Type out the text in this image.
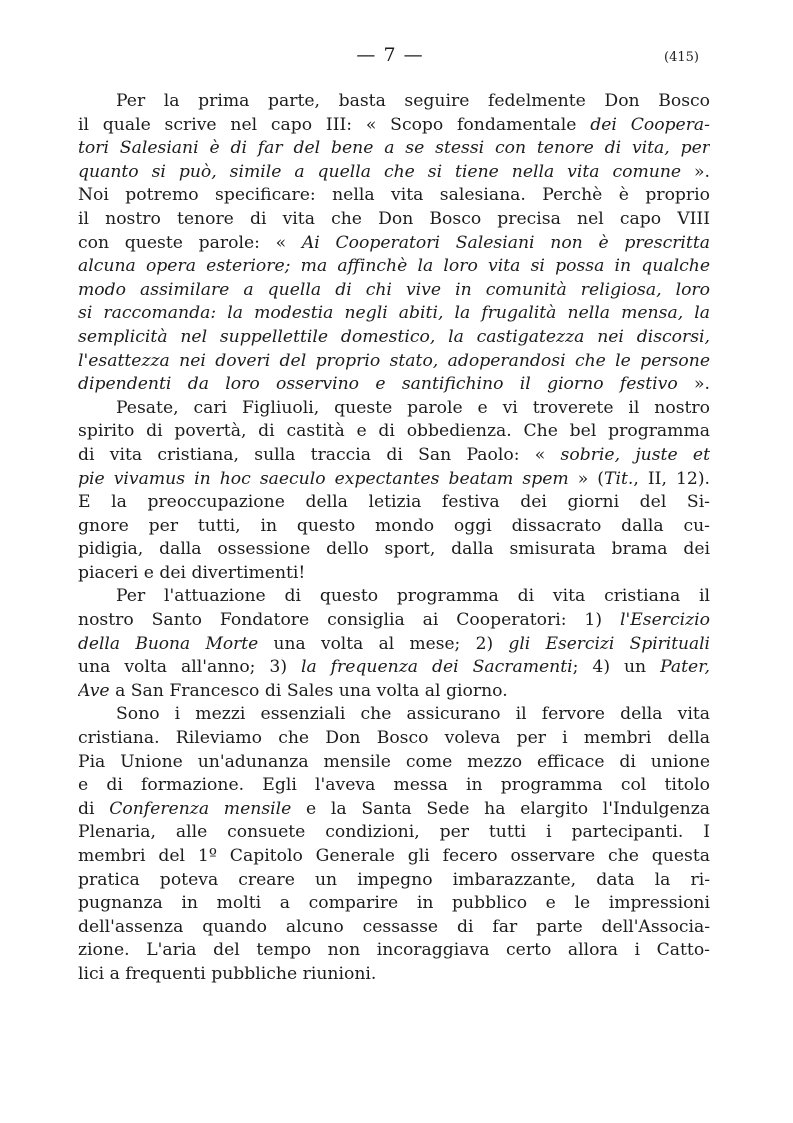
— 7 —	(415)
Per la prima parte, basta seguire fedelmente Don Bosco
il quale scrive nel capo III: « Scopo fondamentale dei Coopera-
tori Salesiani è di far del bene a se stessi con tenore di vita, per
quanto si può, simile a quella che si tiene nella vita comune ».
Noi potremo specificare: nella vita salesiana. Perchè è proprio
il nostro tenore di vita che Don Bosco precisa nel capo VIII
con queste parole: « Ai Cooperatori Salesiani non è prescritta
alcuna opera esteriore; ma affinchè la loro vita si possa in qualche
modo assimilare a quella di chi vive in comunità religiosa, loro
si raccomanda: la modestia negli abiti, la frugalità nella mensa, la
semplicità nel suppellettile domestico, la castigatezza nei discorsi,
l'esattezza nei doveri del proprio stato, adoperandosi che le persone
dipendenti da loro osservino e santifichino il giorno festivo ».
Pesate, cari Figliuoli, queste parole e vi troverete il nostro
spirito di povertà, di castità e di obbedienza. Che bel programma
di vita cristiana, sulla traccia di San Paolo: « sobrie, juste et
pie vivamus in hoc saeculo expectantes beatam spem » (Tit., II, 12).
E la preoccupazione della letizia festiva dei giorni del Si-
gnore per tutti, in questo mondo oggi dissacrato dalla cu-
pidigia, dalla ossessione dello sport, dalla smisurata brama dei
piaceri e dei divertimenti!
Per l'attuazione di questo programma di vita cristiana il
nostro Santo Fondatore consiglia ai Cooperatori: 1) l'Esercizio
della Buona Morte una volta al mese; 2) gli Esercizi Spirituali
una volta all'anno; 3) la frequenza dei Sacramenti; 4) un Pater,
Ave a San Francesco di Sales una volta al giorno.
Sono i mezzi essenziali che assicurano il fervore della vita
cristiana. Rileviamo che Don Bosco voleva per i membri della
Pia Unione un'adunanza mensile come mezzo efficace di unione
e di formazione. Egli l'aveva messa in programma col titolo
di Conferenza mensile e la Santa Sede ha elargito l'Indulgenza
Plenaria, alle consuete condizioni, per tutti i partecipanti. I
membri del 1º Capitolo Generale gli fecero osservare che questa
pratica poteva creare un impegno imbarazzante, data la ri-
pugnanza in molti a comparire in pubblico e le impressioni
dell'assenza quando alcuno cessasse di far parte dell'Associa-
zione. L'aria del tempo non incoraggiava certo allora i Catto-
lici a frequenti pubbliche riunioni.
